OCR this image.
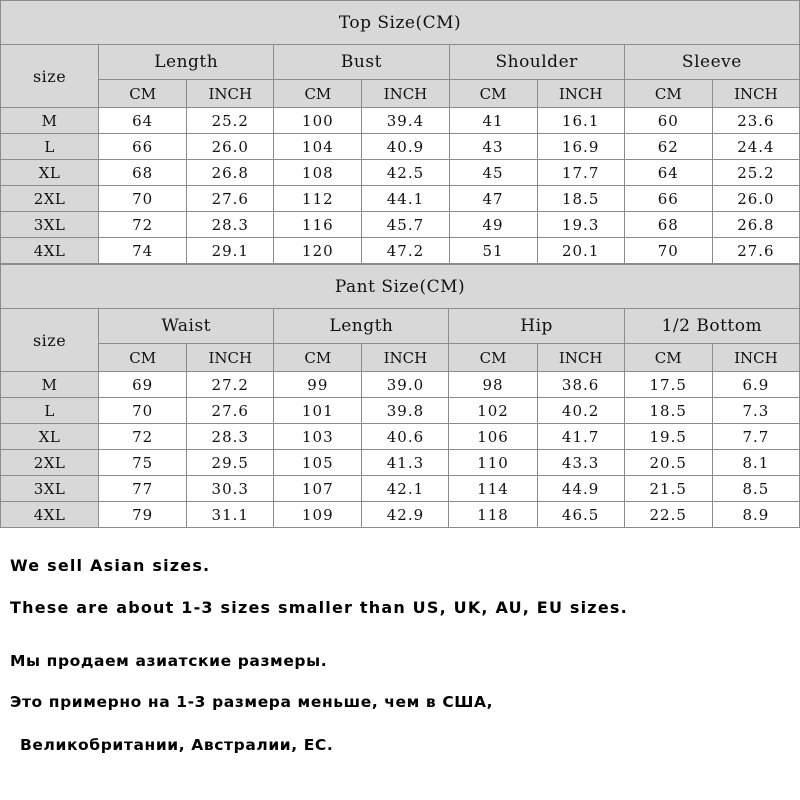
Top Size(CM)								
size	Length		Bust		Shoulder		Sleeve	
	CM	INCH	CM	INCH	CM	INCH	CM	INCH
M	64	25.2	100	39.4	41	16.1	60	23.6
L	66	26.0	104	40.9	43	16.9	62	24.4
XL	68	26.8	108	42.5	45	17.7	64	25.2
2XL	70	27.6	112	44.1	47	18.5	66	26.0
3XL	72	28.3	116	45.7	49	19.3	68	26.8
4XL	74	29.1	120	47.2	51	20.1	70	27.6
Pant Size(CM)								
size	Waist		Length		Hip		1/2 Bottom	
	CM	INCH	CM	INCH	CM	INCH	CM	INCH
M	69	27.2	99	39.0	98	38.6	17.5	6.9
L	70	27.6	101	39.8	102	40.2	18.5	7.3
XL	72	28.3	103	40.6	106	41.7	19.5	7.7
2XL	75	29.5	105	41.3	110	43.3	20.5	8.1
3XL	77	30.3	107	42.1	114	44.9	21.5	8.5
4XL	79	31.1	109	42.9	118	46.5	22.5	8.9
We sell Asian sizes.
These are about 1-3 sizes smaller than US, UK, AU, EU sizes.
Мы продаем азиатские размеры.
Это примерно на 1-3 размера меньше, чем в США,
Великобритании, Австралии, ЕС.
